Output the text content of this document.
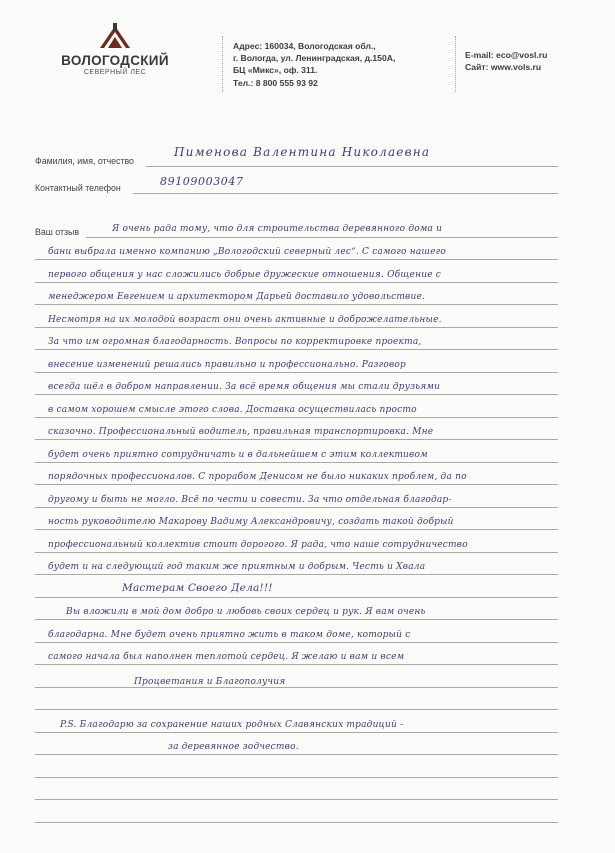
ВОЛОГОДСКИЙ
СЕВЕРНЫЙ ЛЕС
Адрес: 160034, Вологодская обл.,
г. Вологда, ул. Ленинградская, д.150А,
БЦ «Микс», оф. 311.
Тел.: 8 800 555 93 92
E-mail: eco@vosl.ru
Сайт: www.vols.ru
Фамилия, имя, отчество
Пименова Валентина Николаевна
Контактный телефон	89109003047
Ваш отзыв	Я очень рада тому, что для строительства деревянного дома и
бани выбрала именно компанию „Вологодский северный лес“. С самого нашего
первого общения у нас сложились добрые дружеские отношения. Общение с
менеджером Евгением и архитектором Дарьей доставило удовольствие.
Несмотря на их молодой возраст они очень активные и доброжелательные.
За что им огромная благодарность. Вопросы по корректировке проекта,
внесение изменений решались правильно и профессионально. Разговор
всегда шёл в добром направлении. За всё время общения мы стали друзьями
в самом хорошем смысле этого слова. Доставка осуществилась просто
сказочно. Профессиональный водитель, правильная транспортировка. Мне
будет очень приятно сотрудничать и в дальнейшем с этим коллективом
порядочных профессионалов. С прорабом Денисом не было никаких проблем, да по
другому и быть не могло. Всё по чести и совести. За что отдельная благодар-
ность руководителю Макарову Вадиму Александровичу, создать такой добрый
профессиональный коллектив стоит дорогого. Я рада, что наше сотрудничество
будет и на следующий год таким же приятным и добрым. Честь и Хвала
Мастерам Своего Дела!!!
Вы вложили в мой дом добро и любовь своих сердец и рук. Я вам очень
благодарна. Мне будет очень приятно жить в таком доме, который с
самого начала был наполнен теплотой сердец. Я желаю и вам и всем
Процветания и Благополучия
P.S. Благодарю за сохранение наших родных Славянских традиций -
за деревянное зодчество.
